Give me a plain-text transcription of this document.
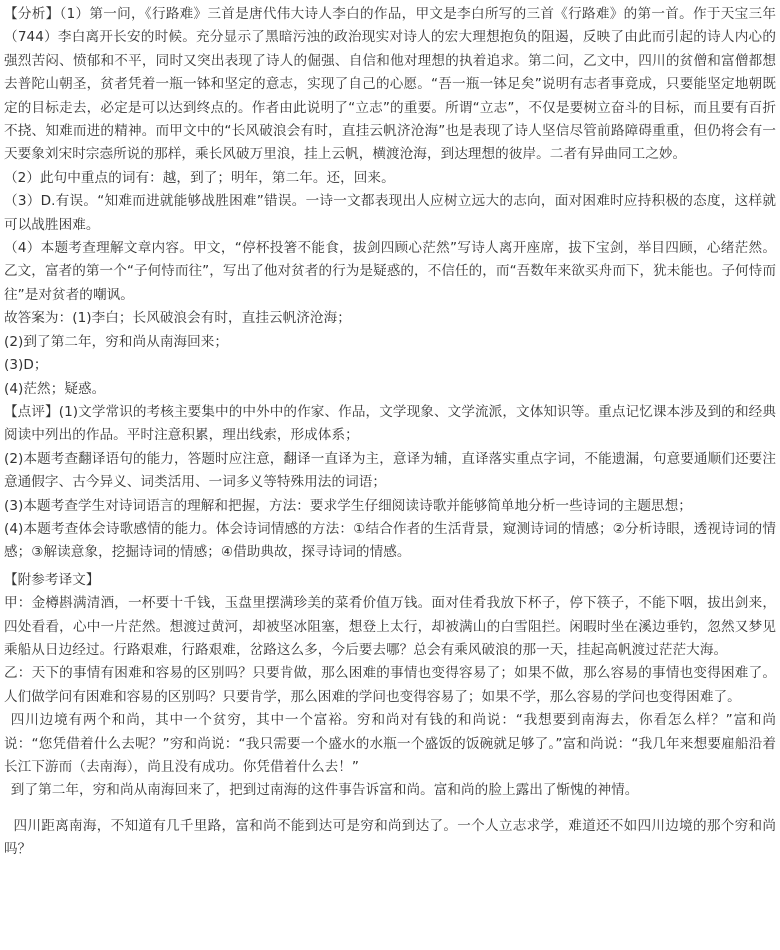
【分析】（1）第一问，《行路难》三首是唐代伟大诗人李白的作品，甲文是李白所写的三首《行路难》的第一首。作于天宝三年（744）李白离开长安的时候。充分显示了黑暗污浊的政治现实对诗人的宏大理想抱负的阻遏，反映了由此而引起的诗人内心的强烈苦闷、愤郁和不平，同时又突出表现了诗人的倔强、自信和他对理想的执着追求。第二问，乙文中，四川的贫僧和富僧都想去普陀山朝圣，贫者凭着一瓶一钵和坚定的意志，实现了自己的心愿。“吾一瓶一钵足矣”说明有志者事竟成，只要能坚定地朝既定的目标走去，必定是可以达到终点的。作者由此说明了“立志”的重要。所谓“立志”，不仅是要树立奋斗的目标，而且要有百折不挠、知难而进的精神。而甲文中的“长风破浪会有时，直挂云帆济沧海”也是表现了诗人坚信尽管前路障碍重重，但仍将会有一天要象刘宋时宗悫所说的那样，乘长风破万里浪，挂上云帆，横渡沧海，到达理想的彼岸。二者有异曲同工之妙。

（2）此句中重点的词有：越，到了；明年，第二年。还，回来。

（3）D.有误。“知难而进就能够战胜困难”错误。一诗一文都表现出人应树立远大的志向，面对困难时应持积极的态度，这样就可以战胜困难。

（4）本题考查理解文章内容。甲文，“停杯投箸不能食，拔剑四顾心茫然”写诗人离开座席，拔下宝剑，举目四顾，心绪茫然。乙文，富者的第一个“子何恃而往”，写出了他对贫者的行为是疑惑的，不信任的，而“吾数年来欲买舟而下，犹未能也。子何恃而往”是对贫者的嘲讽。

故答案为：(1)李白；长风破浪会有时，直挂云帆济沧海；

(2)到了第二年，穷和尚从南海回来；

(3)D；

(4)茫然；疑惑。

【点评】(1)文学常识的考核主要集中的中外中的作家、作品，文学现象、文学流派，文体知识等。重点记忆课本涉及到的和经典阅读中列出的作品。平时注意积累，理出线索，形成体系；

(2)本题考查翻译语句的能力，答题时应注意，翻译一直译为主，意译为辅，直译落实重点字词，不能遗漏，句意要通顺们还要注意通假字、古今异义、词类活用、一词多义等特殊用法的词语；

(3)本题考查学生对诗词语言的理解和把握，方法：要求学生仔细阅读诗歌并能够简单地分析一些诗词的主题思想；

(4)本题考查体会诗歌感情的能力。体会诗词情感的方法：①结合作者的生活背景，窥测诗词的情感；②分析诗眼，透视诗词的情感；③解读意象，挖掘诗词的情感；④借助典故，探寻诗词的情感。

【附参考译文】

甲：金樽斟满清酒，一杯要十千钱，玉盘里摆满珍美的菜肴价值万钱。面对佳肴我放下杯子，停下筷子，不能下咽，拔出剑来，四处看看，心中一片茫然。想渡过黄河，却被坚冰阻塞，想登上太行，却被满山的白雪阻拦。闲暇时坐在溪边垂钓，忽然又梦见乘船从日边经过。行路艰难，行路艰难，岔路这么多，今后要去哪？总会有乘风破浪的那一天，挂起高帆渡过茫茫大海。

乙：天下的事情有困难和容易的区别吗？只要肯做，那么困难的事情也变得容易了；如果不做，那么容易的事情也变得困难了。人们做学问有困难和容易的区别吗？只要肯学，那么困难的学问也变得容易了；如果不学，那么容易的学问也变得困难了。

四川边境有两个和尚，其中一个贫穷，其中一个富裕。穷和尚对有钱的和尚说：“我想要到南海去，你看怎么样？”富和尚说：“您凭借着什么去呢？”穷和尚说：“我只需要一个盛水的水瓶一个盛饭的饭碗就足够了。”富和尚说：“我几年来想要雇船沿着长江下游而（去南海），尚且没有成功。你凭借着什么去！”

到了第二年，穷和尚从南海回来了，把到过南海的这件事告诉富和尚。富和尚的脸上露出了惭愧的神情。

四川距离南海，不知道有几千里路，富和尚不能到达可是穷和尚到达了。一个人立志求学，难道还不如四川边境的那个穷和尚吗？
